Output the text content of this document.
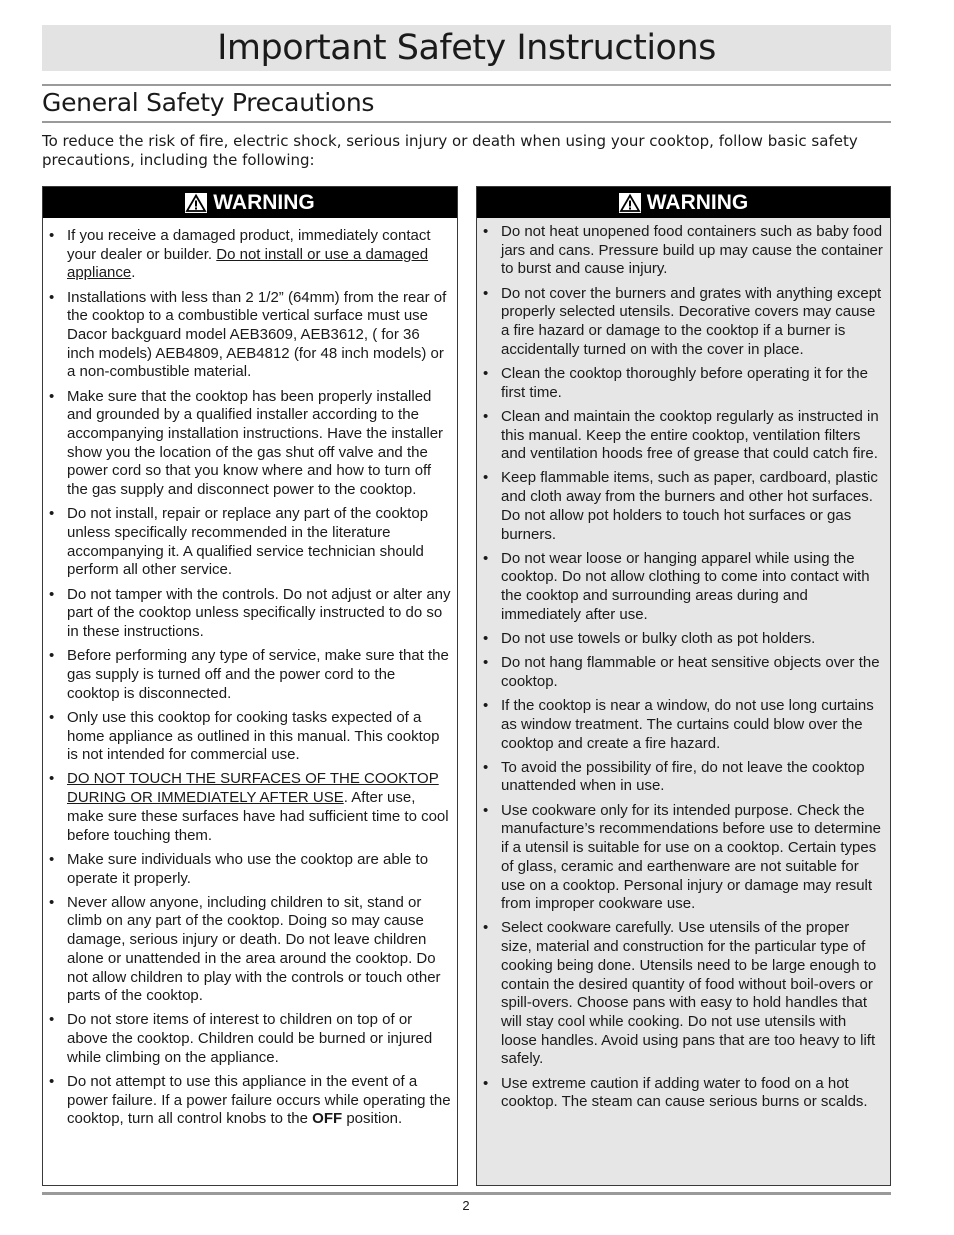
Important Safety Instructions
General Safety Precautions

To reduce the risk of fire, electric shock, serious injury or death when using your cooktop, follow basic safety precautions, including the following:

WARNING
• If you receive a damaged product, immediately contact your dealer or builder. Do not install or use a damaged appliance.
• Installations with less than 2 1/2” (64mm) from the rear of the cooktop to a combustible vertical surface must use Dacor backguard model AEB3609, AEB3612, ( for 36 inch models) AEB4809, AEB4812 (for 48 inch models) or a non-combustible material.
• Make sure that the cooktop has been properly installed and grounded by a qualified installer according to the accompanying installation instructions. Have the installer show you the location of the gas shut off valve and the power cord so that you know where and how to turn off the gas supply and disconnect power to the cooktop.
• Do not install, repair or replace any part of the cooktop unless specifically recommended in the literature accompanying it. A qualified service technician should perform all other service.
• Do not tamper with the controls. Do not adjust or alter any part of the cooktop unless specifically instructed to do so in these instructions.
• Before performing any type of service, make sure that the gas supply is turned off and the power cord to the cooktop is disconnected.
• Only use this cooktop for cooking tasks expected of a home appliance as outlined in this manual. This cooktop is not intended for commercial use.
• DO NOT TOUCH THE SURFACES OF THE COOKTOP DURING OR IMMEDIATELY AFTER USE. After use, make sure these surfaces have had sufficient time to cool before touching them.
• Make sure individuals who use the cooktop are able to operate it properly.
• Never allow anyone, including children to sit, stand or climb on any part of the cooktop. Doing so may cause damage, serious injury or death. Do not leave children alone or unattended in the area around the cooktop. Do not allow children to play with the controls or touch other parts of the cooktop.
• Do not store items of interest to children on top of or above the cooktop. Children could be burned or injured while climbing on the appliance.
• Do not attempt to use this appliance in the event of a power failure. If a power failure occurs while operating the cooktop, turn all control knobs to the OFF position.
WARNING
• Do not heat unopened food containers such as baby food jars and cans. Pressure build up may cause the container to burst and cause injury.
• Do not cover the burners and grates with anything except properly selected utensils. Decorative covers may cause a fire hazard or damage to the cooktop if a burner is accidentally turned on with the cover in place.
• Clean the cooktop thoroughly before operating it for the first time.
• Clean and maintain the cooktop regularly as instructed in this manual. Keep the entire cooktop, ventilation filters and ventilation hoods free of grease that could catch fire.
• Keep flammable items, such as paper, cardboard, plastic and cloth away from the burners and other hot surfaces. Do not allow pot holders to touch hot surfaces or gas burners.
• Do not wear loose or hanging apparel while using the cooktop. Do not allow clothing to come into contact with the cooktop and surrounding areas during and immediately after use.
• Do not use towels or bulky cloth as pot holders.
• Do not hang flammable or heat sensitive objects over the cooktop.
• If the cooktop is near a window, do not use long curtains as window treatment. The curtains could blow over the cooktop and create a fire hazard.
• To avoid the possibility of fire, do not leave the cooktop unattended when in use.
• Use cookware only for its intended purpose. Check the manufacture’s recommendations before use to determine if a utensil is suitable for use on a cooktop. Certain types of glass, ceramic and earthenware are not suitable for use on a cooktop. Personal injury or damage may result from improper cookware use.
• Select cookware carefully. Use utensils of the proper size, material and construction for the particular type of cooking being done. Utensils need to be large enough to contain the desired quantity of food without boil-overs or spill-overs. Choose pans with easy to hold handles that will stay cool while cooking. Do not use utensils with loose handles. Avoid using pans that are too heavy to lift safely.
• Use extreme caution if adding water to food on a hot cooktop. The steam can cause serious burns or scalds.
2
